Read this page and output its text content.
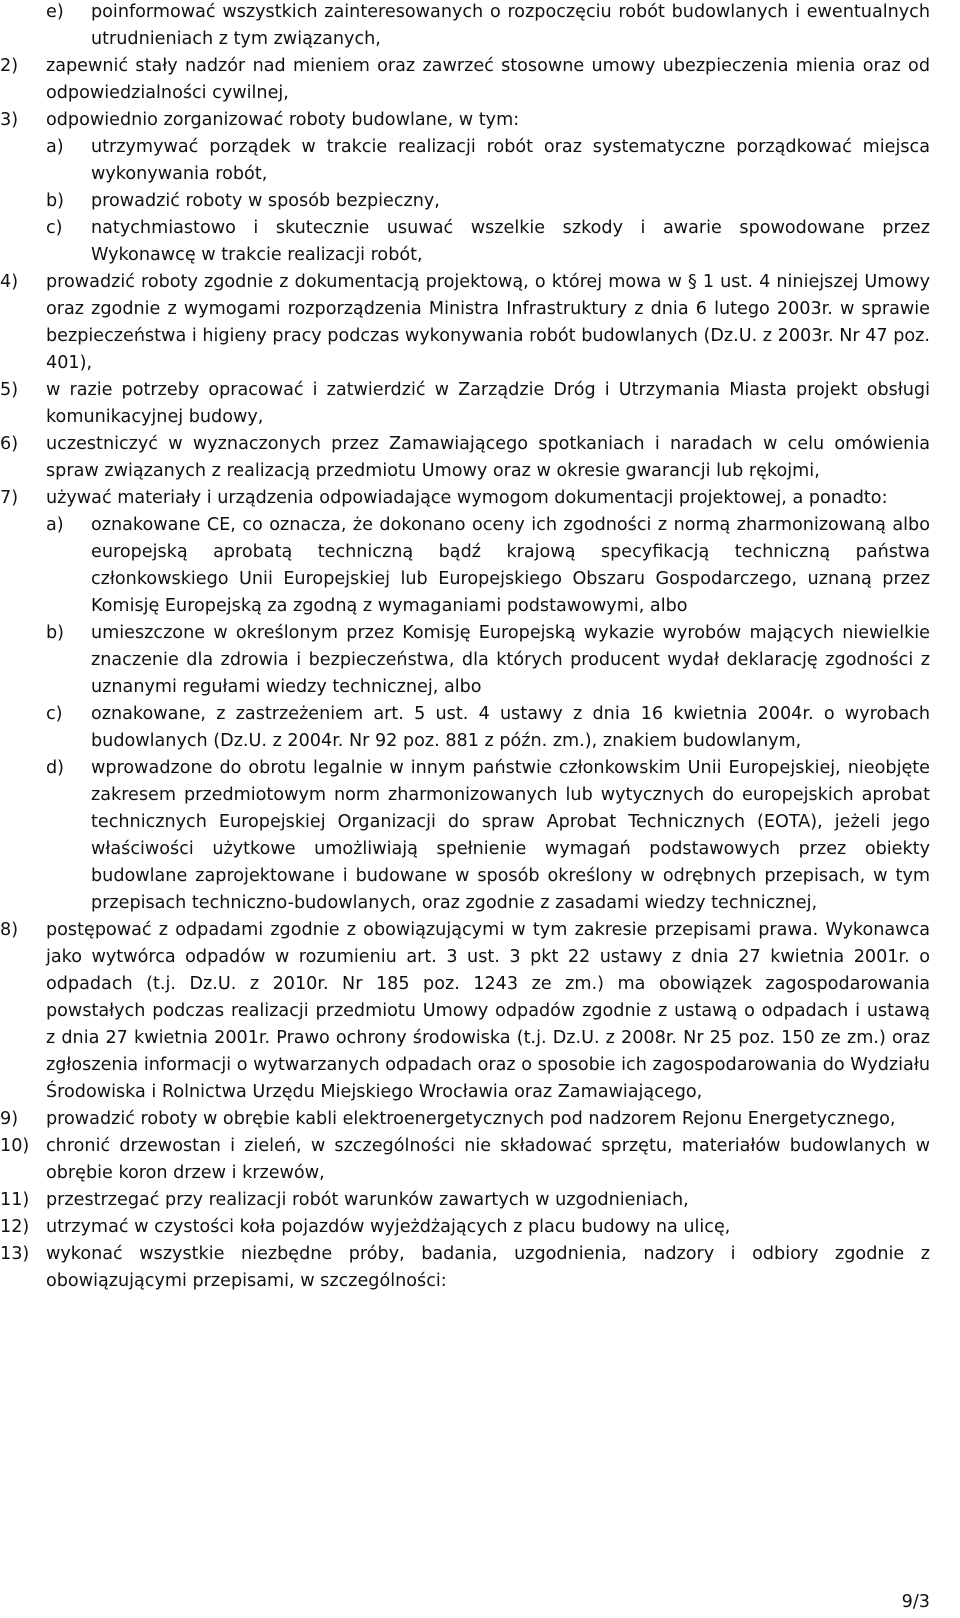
e) poinformować wszystkich zainteresowanych o rozpoczęciu robót budowlanych i ewentualnych utrudnieniach z tym związanych,
2) zapewnić stały nadzór nad mieniem oraz zawrzeć stosowne umowy ubezpieczenia mienia oraz od odpowiedzialności cywilnej,
3) odpowiednio zorganizować roboty budowlane, w tym:
a) utrzymywać porządek w trakcie realizacji robót oraz systematyczne porządkować miejsca wykonywania robót,
b) prowadzić roboty w sposób bezpieczny,
c) natychmiastowo i skutecznie usuwać wszelkie szkody i awarie spowodowane przez Wykonawcę w trakcie realizacji robót,
4) prowadzić roboty zgodnie z dokumentacją projektową, o której mowa w § 1 ust. 4 niniejszej Umowy oraz zgodnie z wymogami rozporządzenia Ministra Infrastruktury z dnia 6 lutego 2003r. w sprawie bezpieczeństwa i higieny pracy podczas wykonywania robót budowlanych (Dz.U. z 2003r. Nr 47 poz. 401),
5) w razie potrzeby opracować i zatwierdzić w Zarządzie Dróg i Utrzymania Miasta projekt obsługi komunikacyjnej budowy,
6) uczestniczyć w wyznaczonych przez Zamawiającego spotkaniach i naradach w celu omówienia spraw związanych z realizacją przedmiotu Umowy oraz w okresie gwarancji lub rękojmi,
7) używać materiały i urządzenia odpowiadające wymogom dokumentacji projektowej, a ponadto:
a) oznakowane CE, co oznacza, że dokonano oceny ich zgodności z normą zharmonizowaną albo europejską aprobatą techniczną bądź krajową specyfikacją techniczną państwa członkowskiego Unii Europejskiej lub Europejskiego Obszaru Gospodarczego, uznaną przez Komisję Europejską za zgodną z wymaganiami podstawowymi, albo
b) umieszczone w określonym przez Komisję Europejską wykazie wyrobów mających niewielkie znaczenie dla zdrowia i bezpieczeństwa, dla których producent wydał deklarację zgodności z uznanymi regułami wiedzy technicznej, albo
c) oznakowane, z zastrzeżeniem art. 5 ust. 4 ustawy z dnia 16 kwietnia 2004r. o wyrobach budowlanych (Dz.U. z 2004r. Nr 92 poz. 881 z późn. zm.), znakiem budowlanym,
d) wprowadzone do obrotu legalnie w innym państwie członkowskim Unii Europejskiej, nieobjęte zakresem przedmiotowym norm zharmonizowanych lub wytycznych do europejskich aprobat technicznych Europejskiej Organizacji do spraw Aprobat Technicznych (EOTA), jeżeli jego właściwości użytkowe umożliwiają spełnienie wymagań podstawowych przez obiekty budowlane zaprojektowane i budowane w sposób określony w odrębnych przepisach, w tym przepisach techniczno-budowlanych, oraz zgodnie z zasadami wiedzy technicznej,
8) postępować z odpadami zgodnie z obowiązującymi w tym zakresie przepisami prawa. Wykonawca jako wytwórca odpadów w rozumieniu art. 3 ust. 3 pkt 22 ustawy z dnia 27 kwietnia 2001r. o odpadach (t.j. Dz.U. z 2010r. Nr 185 poz. 1243 ze zm.) ma obowiązek zagospodarowania powstałych podczas realizacji przedmiotu Umowy odpadów zgodnie z ustawą o odpadach i ustawą z dnia 27 kwietnia 2001r. Prawo ochrony środowiska (t.j. Dz.U. z 2008r. Nr 25 poz. 150 ze zm.) oraz zgłoszenia informacji o wytwarzanych odpadach oraz o sposobie ich zagospodarowania do Wydziału Środowiska i Rolnictwa Urzędu Miejskiego Wrocławia oraz Zamawiającego,
9) prowadzić roboty w obrębie kabli elektroenergetycznych pod nadzorem Rejonu Energetycznego,
10) chronić drzewostan i zieleń, w szczególności nie składować sprzętu, materiałów budowlanych w obrębie koron drzew i krzewów,
11) przestrzegać przy realizacji robót warunków zawartych w uzgodnieniach,
12) utrzymać w czystości koła pojazdów wyjeżdżających z placu budowy na ulicę,
13) wykonać wszystkie niezbędne próby, badania, uzgodnienia, nadzory i odbiory zgodnie z obowiązującymi przepisami, w szczególności:
9/3
